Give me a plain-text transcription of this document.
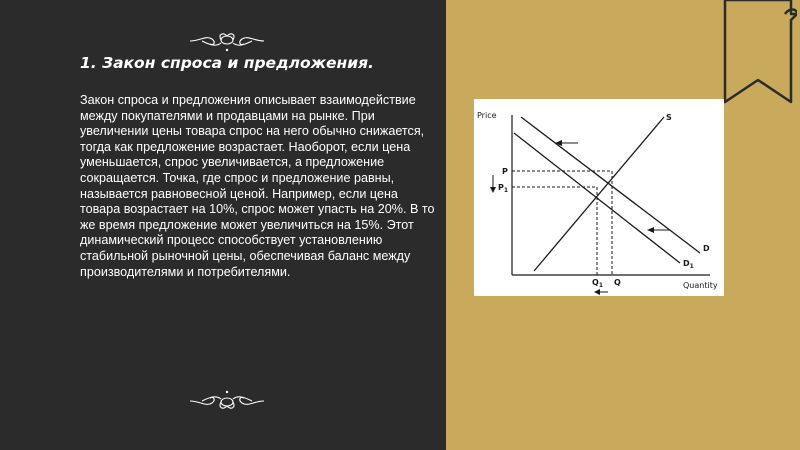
1. Закон спроса и предложения.

Закон спроса и предложения описывает взаимодействие между покупателями и продавцами на рынке. При увеличении цены товара спрос на него обычно снижается, тогда как предложение возрастает. Наоборот, если цена уменьшается, спрос увеличивается, а предложение сокращается. Точка, где спрос и предложение равны, называется равновесной ценой. Например, если цена товара возрастает на 10%, спрос может упасть на 20%. В то же время предложение может увеличиться на 15%. Этот динамический процесс способствует установлению стабильной рыночной цены, обеспечивая баланс между производителями и потребителями.

Price
Quantity
S
D
$D_1$
P
$P_1$
Q
$Q_1$
